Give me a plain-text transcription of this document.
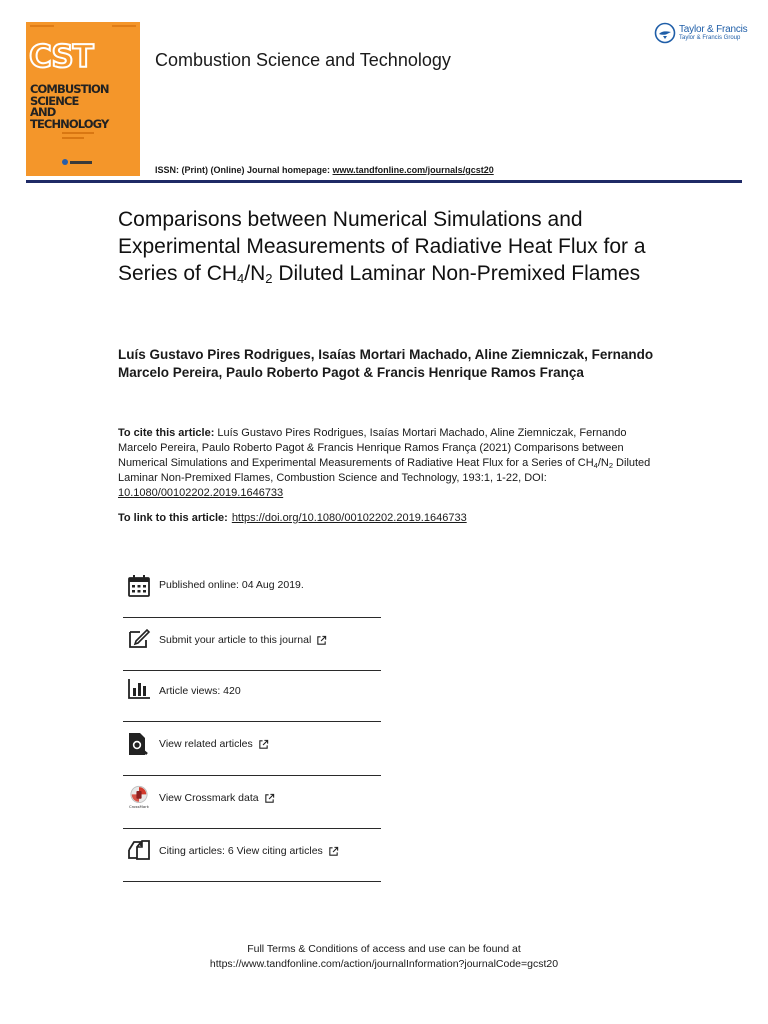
CST
COMBUSTION
SCIENCE
AND
TECHNOLOGY
Combustion Science and Technology
Taylor & Francis
Taylor & Francis Group
ISSN: (Print) (Online) Journal homepage: www.tandfonline.com/journals/gcst20
Comparisons between Numerical Simulations and Experimental Measurements of Radiative Heat Flux for a Series of $CH_4/N_2$ Diluted Laminar Non-Premixed Flames
Luís Gustavo Pires Rodrigues, Isaías Mortari Machado, Aline Ziemniczak, Fernando Marcelo Pereira, Paulo Roberto Pagot & Francis Henrique Ramos França
To cite this article: Luís Gustavo Pires Rodrigues, Isaías Mortari Machado, Aline Ziemniczak, Fernando Marcelo Pereira, Paulo Roberto Pagot & Francis Henrique Ramos França (2021) Comparisons between Numerical Simulations and Experimental Measurements of Radiative Heat Flux for a Series of $CH_4/N_2$ Diluted Laminar Non-Premixed Flames, Combustion Science and Technology, 193:1, 1-22, DOI: 10.1080/00102202.2019.1646733
To link to this article: https://doi.org/10.1080/00102202.2019.1646733
Published online: 04 Aug 2019.
Submit your article to this journal
Article views: 420
View related articles
CrossMark
View Crossmark data
Citing articles: 6 View citing articles
Full Terms & Conditions of access and use can be found at
https://www.tandfonline.com/action/journalInformation?journalCode=gcst20
